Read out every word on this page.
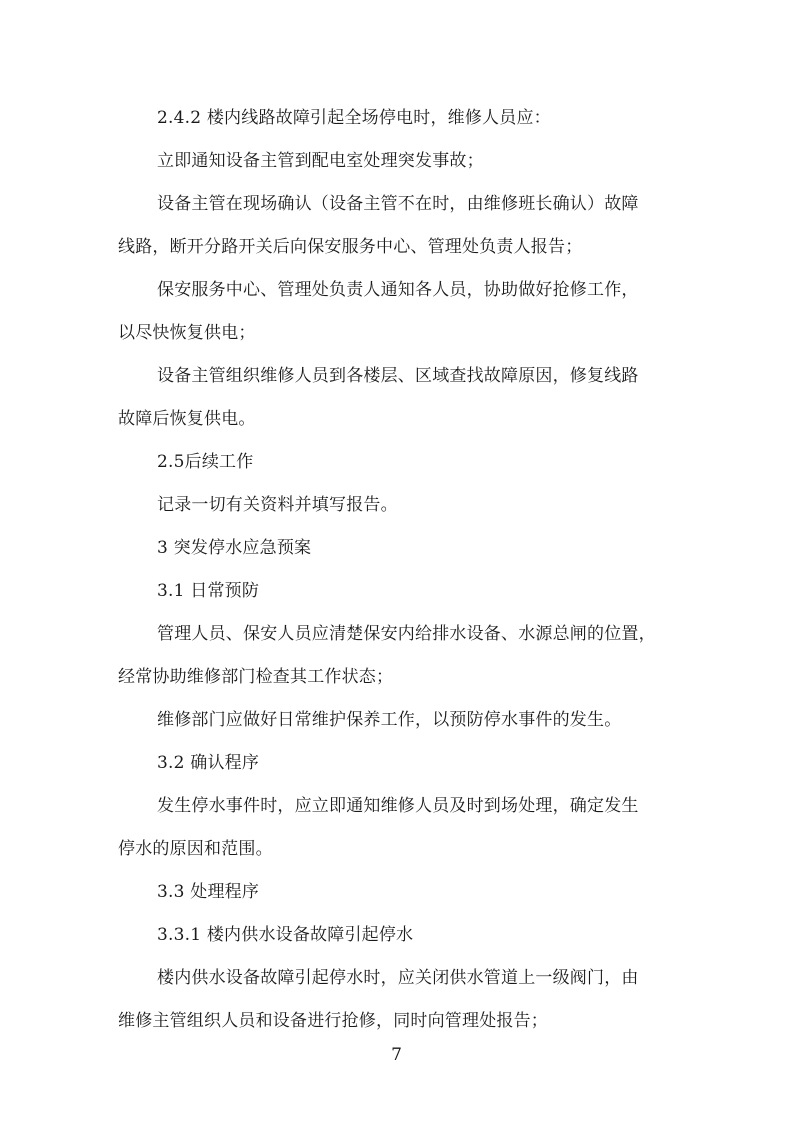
2.4.2 楼内线路故障引起全场停电时，维修人员应：
立即通知设备主管到配电室处理突发事故；
设备主管在现场确认（设备主管不在时，由维修班长确认）故障
线路，断开分路开关后向保安服务中心、管理处负责人报告；
保安服务中心、管理处负责人通知各人员，协助做好抢修工作，
以尽快恢复供电；
设备主管组织维修人员到各楼层、区域查找故障原因，修复线路
故障后恢复供电。
2.5后续工作
记录一切有关资料并填写报告。
3 突发停水应急预案
3.1 日常预防
管理人员、保安人员应清楚保安内给排水设备、水源总闸的位置，
经常协助维修部门检查其工作状态；
维修部门应做好日常维护保养工作，以预防停水事件的发生。
3.2 确认程序
发生停水事件时，应立即通知维修人员及时到场处理，确定发生
停水的原因和范围。
3.3 处理程序
3.3.1 楼内供水设备故障引起停水
楼内供水设备故障引起停水时，应关闭供水管道上一级阀门，由
维修主管组织人员和设备进行抢修，同时向管理处报告；
7
